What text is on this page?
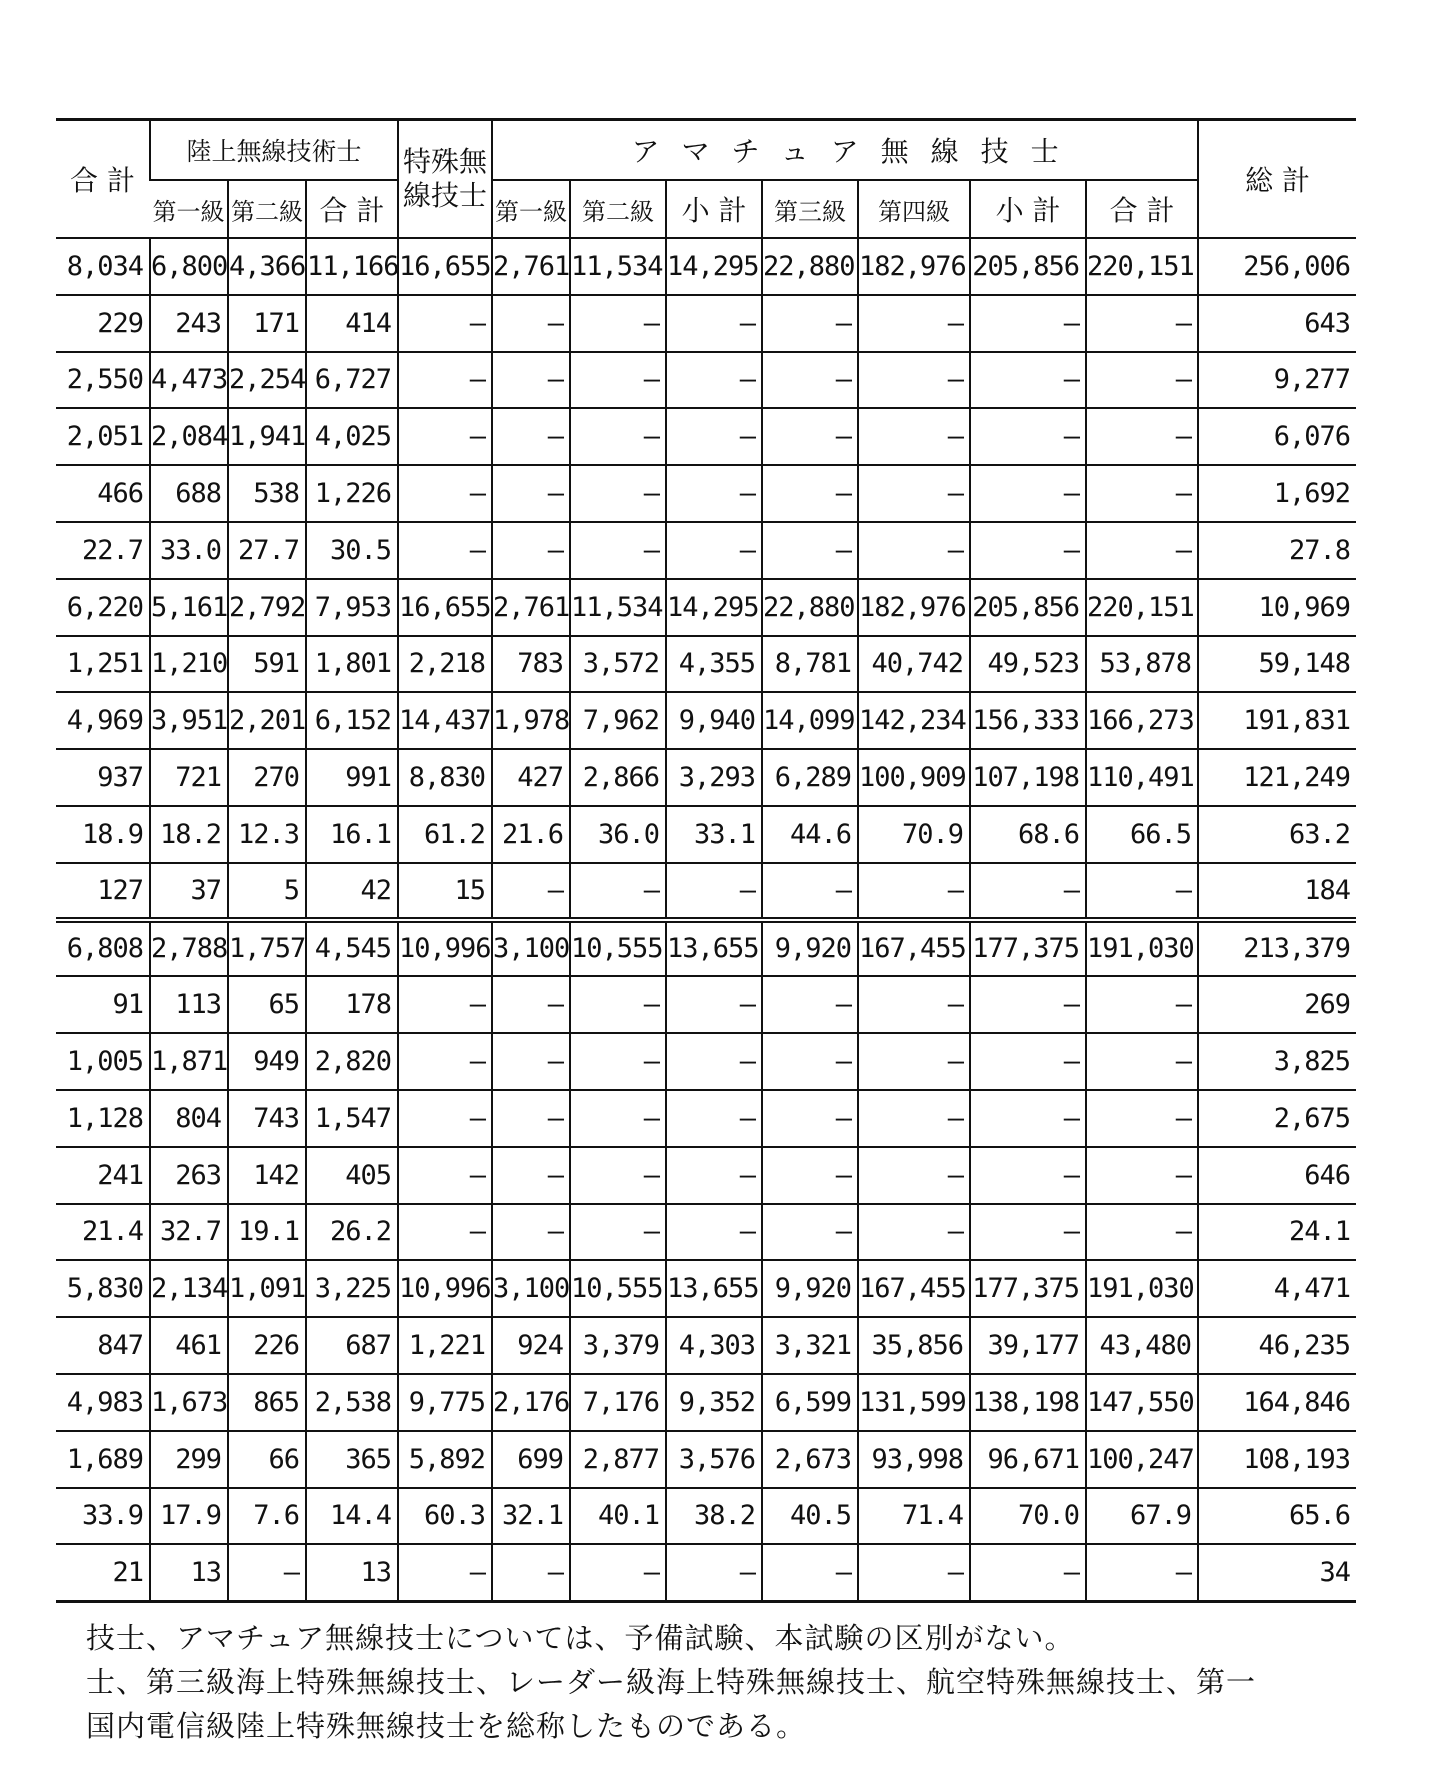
合 計	陸上無線技術士			特殊無
線技士	アマチュア無線技士							総 計
	第一級	第二級	合 計		第一級	第二級	小 計	第三級	第四級	小 計	合 計	
8,034	6,800	4,366	11,166	16,655	2,761	11,534	14,295	22,880	182,976	205,856	220,151	256,006
229	243	171	414	—	—	—	—	—	—	—	—	643
2,550	4,473	2,254	6,727	—	—	—	—	—	—	—	—	9,277
2,051	2,084	1,941	4,025	—	—	—	—	—	—	—	—	6,076
466	688	538	1,226	—	—	—	—	—	—	—	—	1,692
22.7	33.0	27.7	30.5	—	—	—	—	—	—	—	—	27.8
6,220	5,161	2,792	7,953	16,655	2,761	11,534	14,295	22,880	182,976	205,856	220,151	10,969
1,251	1,210	591	1,801	2,218	783	3,572	4,355	8,781	40,742	49,523	53,878	59,148
4,969	3,951	2,201	6,152	14,437	1,978	7,962	9,940	14,099	142,234	156,333	166,273	191,831
937	721	270	991	8,830	427	2,866	3,293	6,289	100,909	107,198	110,491	121,249
18.9	18.2	12.3	16.1	61.2	21.6	36.0	33.1	44.6	70.9	68.6	66.5	63.2
127	37	5	42	15	—	—	—	—	—	—	—	184
6,808	2,788	1,757	4,545	10,996	3,100	10,555	13,655	9,920	167,455	177,375	191,030	213,379
91	113	65	178	—	—	—	—	—	—	—	—	269
1,005	1,871	949	2,820	—	—	—	—	—	—	—	—	3,825
1,128	804	743	1,547	—	—	—	—	—	—	—	—	2,675
241	263	142	405	—	—	—	—	—	—	—	—	646
21.4	32.7	19.1	26.2	—	—	—	—	—	—	—	—	24.1
5,830	2,134	1,091	3,225	10,996	3,100	10,555	13,655	9,920	167,455	177,375	191,030	4,471
847	461	226	687	1,221	924	3,379	4,303	3,321	35,856	39,177	43,480	46,235
4,983	1,673	865	2,538	9,775	2,176	7,176	9,352	6,599	131,599	138,198	147,550	164,846
1,689	299	66	365	5,892	699	2,877	3,576	2,673	93,998	96,671	100,247	108,193
33.9	17.9	7.6	14.4	60.3	32.1	40.1	38.2	40.5	71.4	70.0	67.9	65.6
21	13	—	13	—	—	—	—	—	—	—	—	34
技士、アマチュア無線技士については、予備試験、本試験の区別がない。
士、第三級海上特殊無線技士、レーダー級海上特殊無線技士、航空特殊無線技士、第一
国内電信級陸上特殊無線技士を総称したものである。
